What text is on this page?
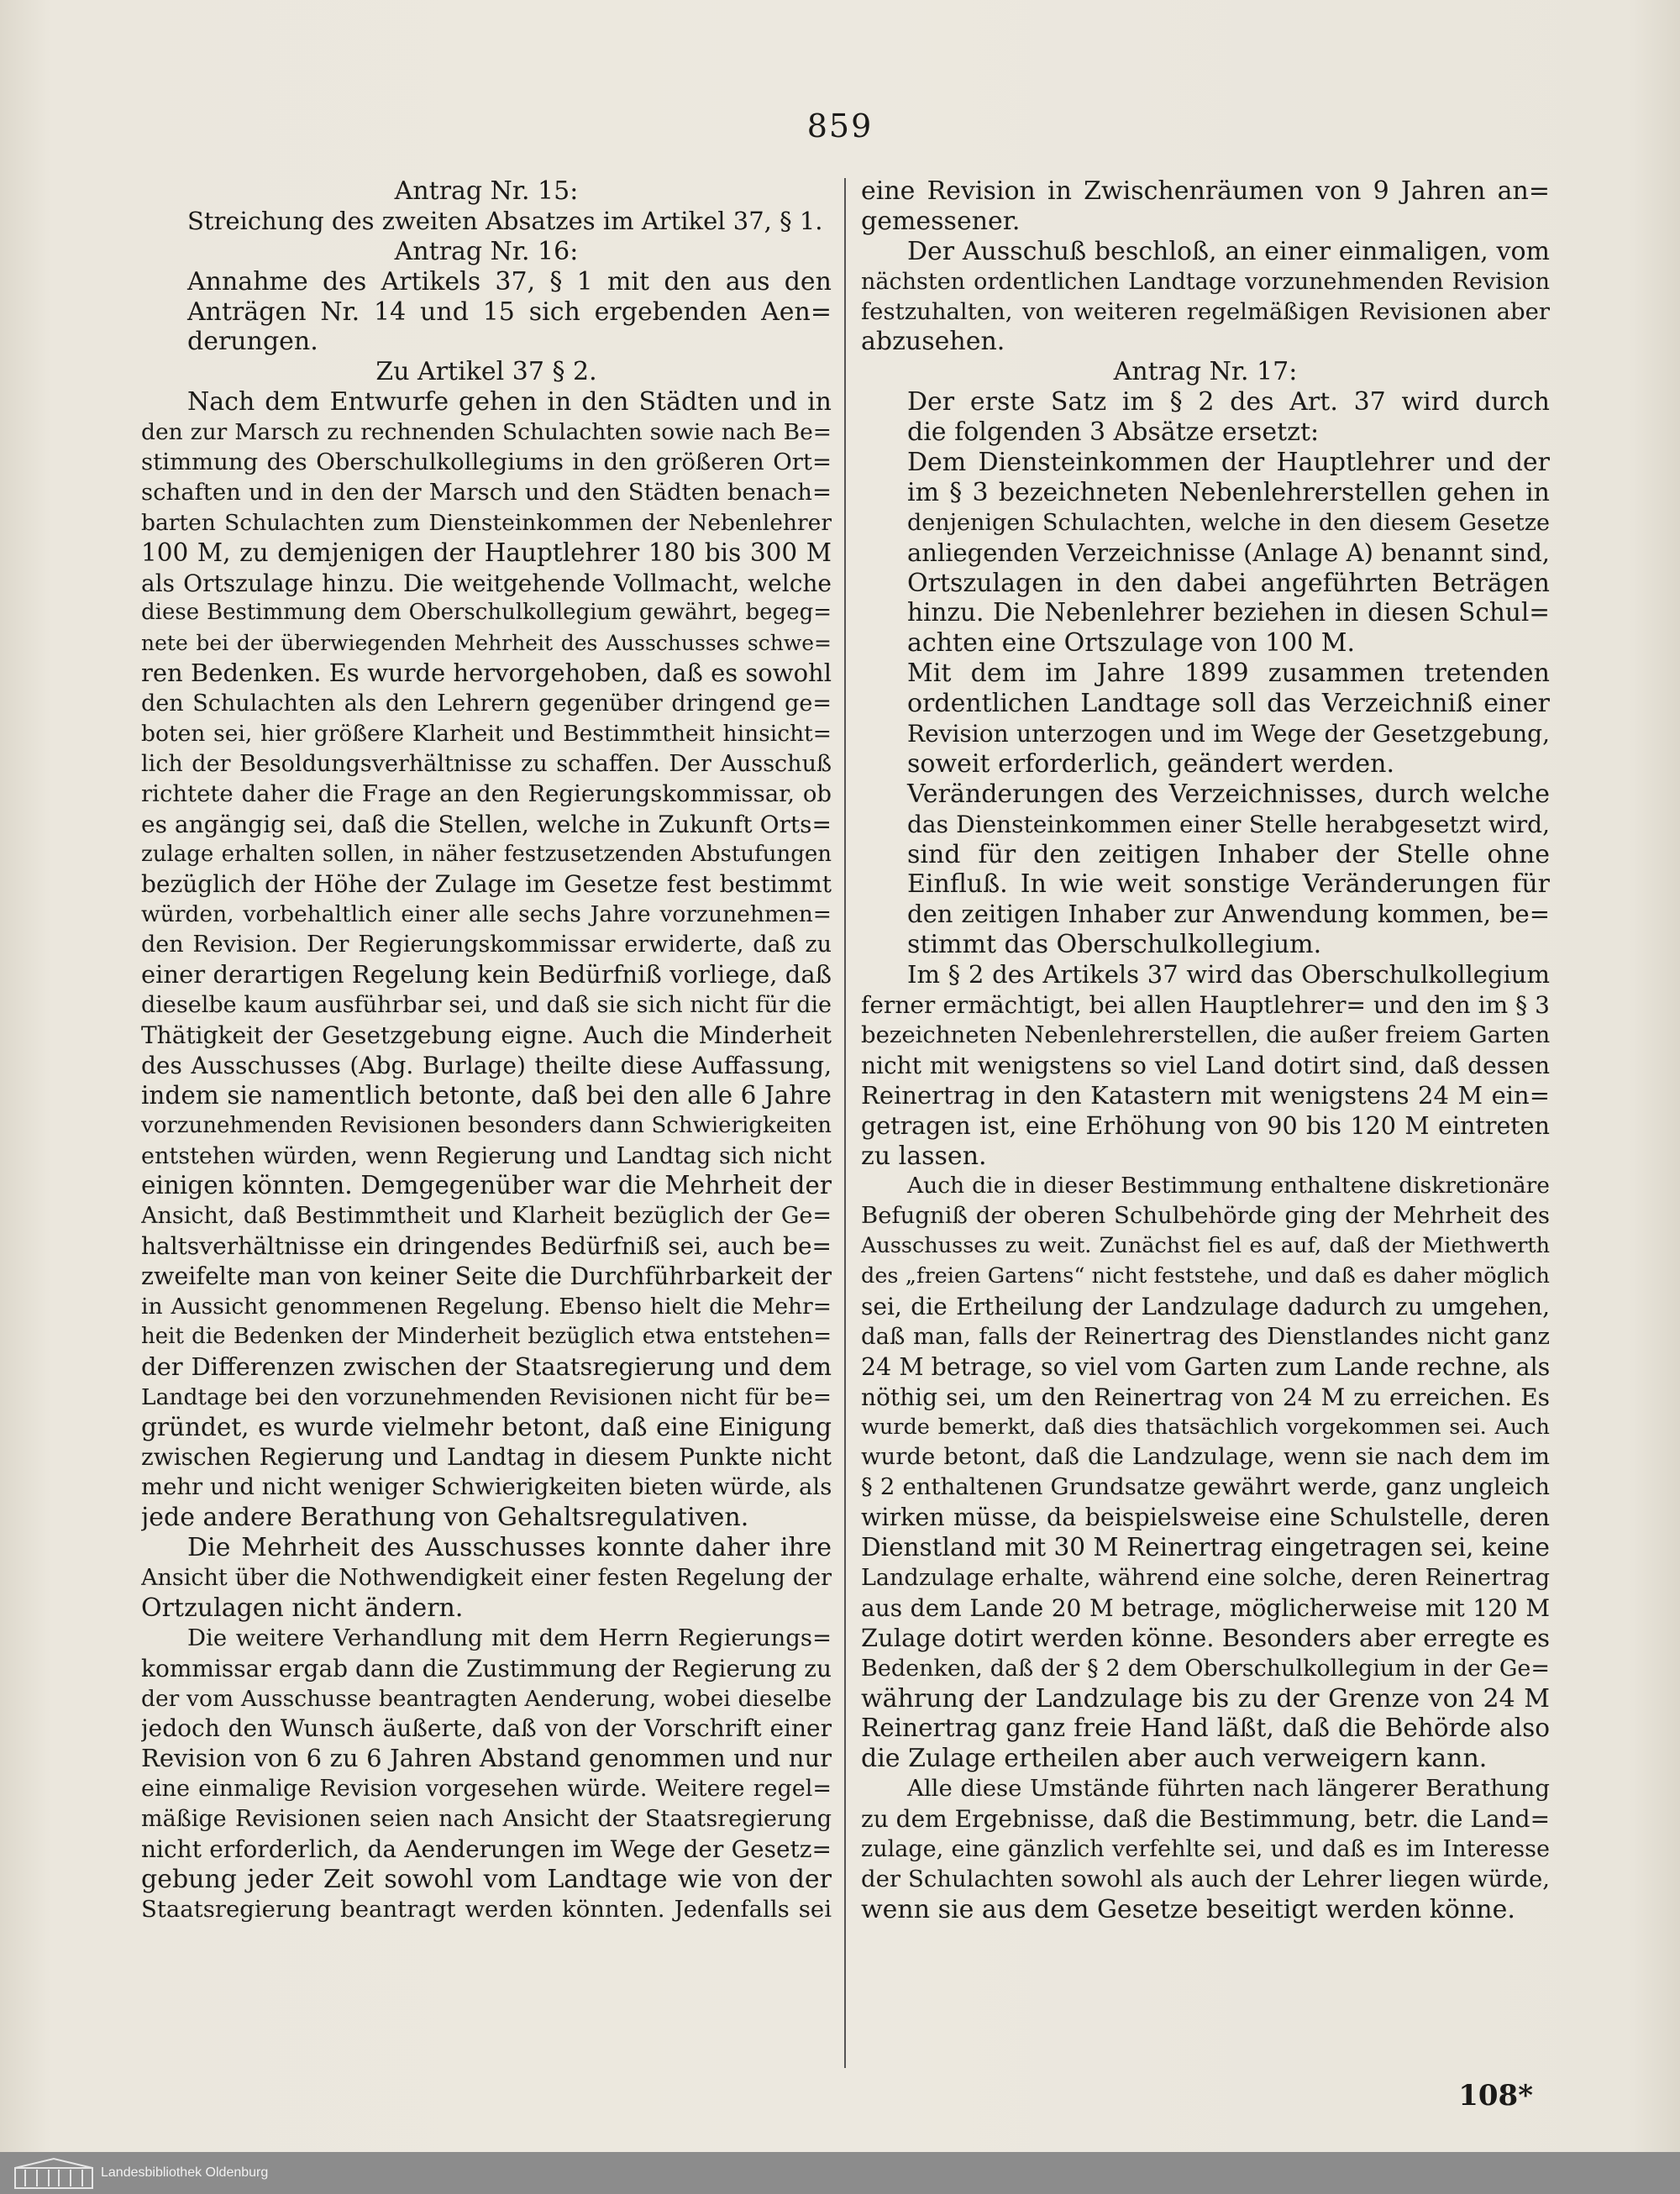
859
Antrag Nr. 15:
Streichung des zweiten Absatzes im Artikel 37, § 1.
Antrag Nr. 16:
Annahme des Artikels 37, § 1 mit den aus den
Anträgen Nr. 14 und 15 sich ergebenden Aen=
derungen.
Zu Artikel 37 § 2.
Nach dem Entwurfe gehen in den Städten und in
den zur Marsch zu rechnenden Schulachten sowie nach Be=
stimmung des Oberschulkollegiums in den größeren Ort=
schaften und in den der Marsch und den Städten benach=
barten Schulachten zum Diensteinkommen der Nebenlehrer
100 M, zu demjenigen der Hauptlehrer 180 bis 300 M
als Ortszulage hinzu. Die weitgehende Vollmacht, welche
diese Bestimmung dem Oberschulkollegium gewährt, begeg=
nete bei der überwiegenden Mehrheit des Ausschusses schwe=
ren Bedenken. Es wurde hervorgehoben, daß es sowohl
den Schulachten als den Lehrern gegenüber dringend ge=
boten sei, hier größere Klarheit und Bestimmtheit hinsicht=
lich der Besoldungsverhältnisse zu schaffen. Der Ausschuß
richtete daher die Frage an den Regierungskommissar, ob
es angängig sei, daß die Stellen, welche in Zukunft Orts=
zulage erhalten sollen, in näher festzusetzenden Abstufungen
bezüglich der Höhe der Zulage im Gesetze fest bestimmt
würden, vorbehaltlich einer alle sechs Jahre vorzunehmen=
den Revision. Der Regierungskommissar erwiderte, daß zu
einer derartigen Regelung kein Bedürfniß vorliege, daß
dieselbe kaum ausführbar sei, und daß sie sich nicht für die
Thätigkeit der Gesetzgebung eigne. Auch die Minderheit
des Ausschusses (Abg. Burlage) theilte diese Auffassung,
indem sie namentlich betonte, daß bei den alle 6 Jahre
vorzunehmenden Revisionen besonders dann Schwierigkeiten
entstehen würden, wenn Regierung und Landtag sich nicht
einigen könnten. Demgegenüber war die Mehrheit der
Ansicht, daß Bestimmtheit und Klarheit bezüglich der Ge=
haltsverhältnisse ein dringendes Bedürfniß sei, auch be=
zweifelte man von keiner Seite die Durchführbarkeit der
in Aussicht genommenen Regelung. Ebenso hielt die Mehr=
heit die Bedenken der Minderheit bezüglich etwa entstehen=
der Differenzen zwischen der Staatsregierung und dem
Landtage bei den vorzunehmenden Revisionen nicht für be=
gründet, es wurde vielmehr betont, daß eine Einigung
zwischen Regierung und Landtag in diesem Punkte nicht
mehr und nicht weniger Schwierigkeiten bieten würde, als
jede andere Berathung von Gehaltsregulativen.
Die Mehrheit des Ausschusses konnte daher ihre
Ansicht über die Nothwendigkeit einer festen Regelung der
Ortzulagen nicht ändern.
Die weitere Verhandlung mit dem Herrn Regierungs=
kommissar ergab dann die Zustimmung der Regierung zu
der vom Ausschusse beantragten Aenderung, wobei dieselbe
jedoch den Wunsch äußerte, daß von der Vorschrift einer
Revision von 6 zu 6 Jahren Abstand genommen und nur
eine einmalige Revision vorgesehen würde. Weitere regel=
mäßige Revisionen seien nach Ansicht der Staatsregierung
nicht erforderlich, da Aenderungen im Wege der Gesetz=
gebung jeder Zeit sowohl vom Landtage wie von der
Staatsregierung beantragt werden könnten. Jedenfalls sei
eine Revision in Zwischenräumen von 9 Jahren an=
gemessener.
Der Ausschuß beschloß, an einer einmaligen, vom
nächsten ordentlichen Landtage vorzunehmenden Revision
festzuhalten, von weiteren regelmäßigen Revisionen aber
abzusehen.
Antrag Nr. 17:
Der erste Satz im § 2 des Art. 37 wird durch
die folgenden 3 Absätze ersetzt:
Dem Diensteinkommen der Hauptlehrer und der
im § 3 bezeichneten Nebenlehrerstellen gehen in
denjenigen Schulachten, welche in den diesem Gesetze
anliegenden Verzeichnisse (Anlage A) benannt sind,
Ortszulagen in den dabei angeführten Beträgen
hinzu. Die Nebenlehrer beziehen in diesen Schul=
achten eine Ortszulage von 100 M.
Mit dem im Jahre 1899 zusammen tretenden
ordentlichen Landtage soll das Verzeichniß einer
Revision unterzogen und im Wege der Gesetzgebung,
soweit erforderlich, geändert werden.
Veränderungen des Verzeichnisses, durch welche
das Diensteinkommen einer Stelle herabgesetzt wird,
sind für den zeitigen Inhaber der Stelle ohne
Einfluß. In wie weit sonstige Veränderungen für
den zeitigen Inhaber zur Anwendung kommen, be=
stimmt das Oberschulkollegium.
Im § 2 des Artikels 37 wird das Oberschulkollegium
ferner ermächtigt, bei allen Hauptlehrer= und den im § 3
bezeichneten Nebenlehrerstellen, die außer freiem Garten
nicht mit wenigstens so viel Land dotirt sind, daß dessen
Reinertrag in den Katastern mit wenigstens 24 M ein=
getragen ist, eine Erhöhung von 90 bis 120 M eintreten
zu lassen.
Auch die in dieser Bestimmung enthaltene diskretionäre
Befugniß der oberen Schulbehörde ging der Mehrheit des
Ausschusses zu weit. Zunächst fiel es auf, daß der Miethwerth
des „freien Gartens“ nicht feststehe, und daß es daher möglich
sei, die Ertheilung der Landzulage dadurch zu umgehen,
daß man, falls der Reinertrag des Dienstlandes nicht ganz
24 M betrage, so viel vom Garten zum Lande rechne, als
nöthig sei, um den Reinertrag von 24 M zu erreichen. Es
wurde bemerkt, daß dies thatsächlich vorgekommen sei. Auch
wurde betont, daß die Landzulage, wenn sie nach dem im
§ 2 enthaltenen Grundsatze gewährt werde, ganz ungleich
wirken müsse, da beispielsweise eine Schulstelle, deren
Dienstland mit 30 M Reinertrag eingetragen sei, keine
Landzulage erhalte, während eine solche, deren Reinertrag
aus dem Lande 20 M betrage, möglicherweise mit 120 M
Zulage dotirt werden könne. Besonders aber erregte es
Bedenken, daß der § 2 dem Oberschulkollegium in der Ge=
währung der Landzulage bis zu der Grenze von 24 M
Reinertrag ganz freie Hand läßt, daß die Behörde also
die Zulage ertheilen aber auch verweigern kann.
Alle diese Umstände führten nach längerer Berathung
zu dem Ergebnisse, daß die Bestimmung, betr. die Land=
zulage, eine gänzlich verfehlte sei, und daß es im Interesse
der Schulachten sowohl als auch der Lehrer liegen würde,
wenn sie aus dem Gesetze beseitigt werden könne.
108*
Landesbibliothek Oldenburg
